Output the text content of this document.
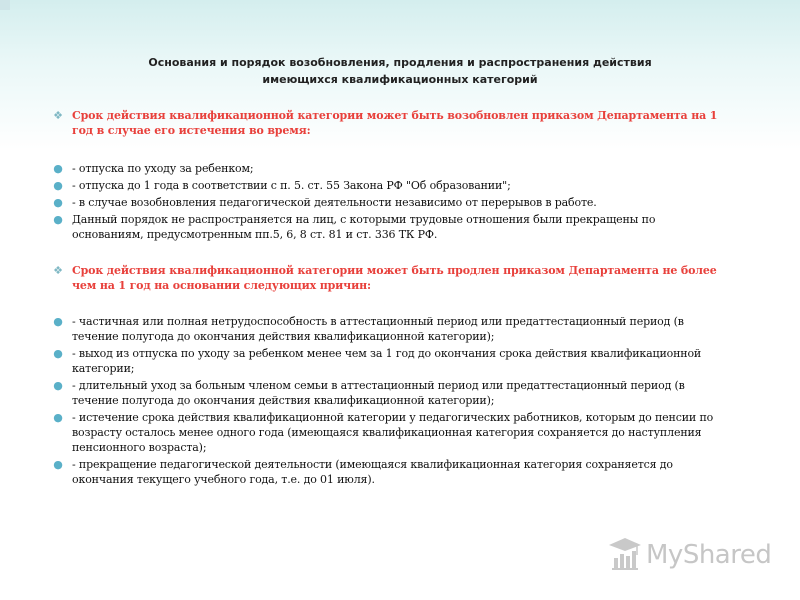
Основания и порядок возобновления, продления и распространения действия
имеющихся квалификационных категорий
❖ Срок действия квалификационной категории может быть возобновлен приказом Департамента на 1
год в случае его истечения во время:
● - отпуска по уходу за ребенком;
● - отпуска до 1 года в соответствии с п. 5. ст. 55 Закона РФ "Об образовании";
● - в случае возобновления педагогической деятельности независимо от перерывов в работе.
● Данный порядок не распространяется на лиц, с которыми трудовые отношения были прекращены по
основаниям, предусмотренным пп.5, 6, 8 ст. 81 и ст. 336 ТК РФ.
❖ Срок действия квалификационной категории может быть продлен приказом Департамента не более
чем на 1 год на основании следующих причин:
● - частичная или полная нетрудоспособность в аттестационный период или предаттестационный период (в
течение полугода до окончания действия квалификационной категории);
● - выход из отпуска по уходу за ребенком менее чем за 1 год до окончания срока действия квалификационной
категории;
● - длительный уход за больным членом семьи в аттестационный период или предаттестационный период (в
течение полугода до окончания действия квалификационной категории);
● - истечение срока действия квалификационной категории у педагогических работников, которым до пенсии по
возрасту осталось менее одного года (имеющаяся квалификационная категория сохраняется до наступления
пенсионного возраста);
● - прекращение педагогической деятельности (имеющаяся квалификационная категория сохраняется до
окончания текущего учебного года, т.е. до 01 июля).
MyShared
